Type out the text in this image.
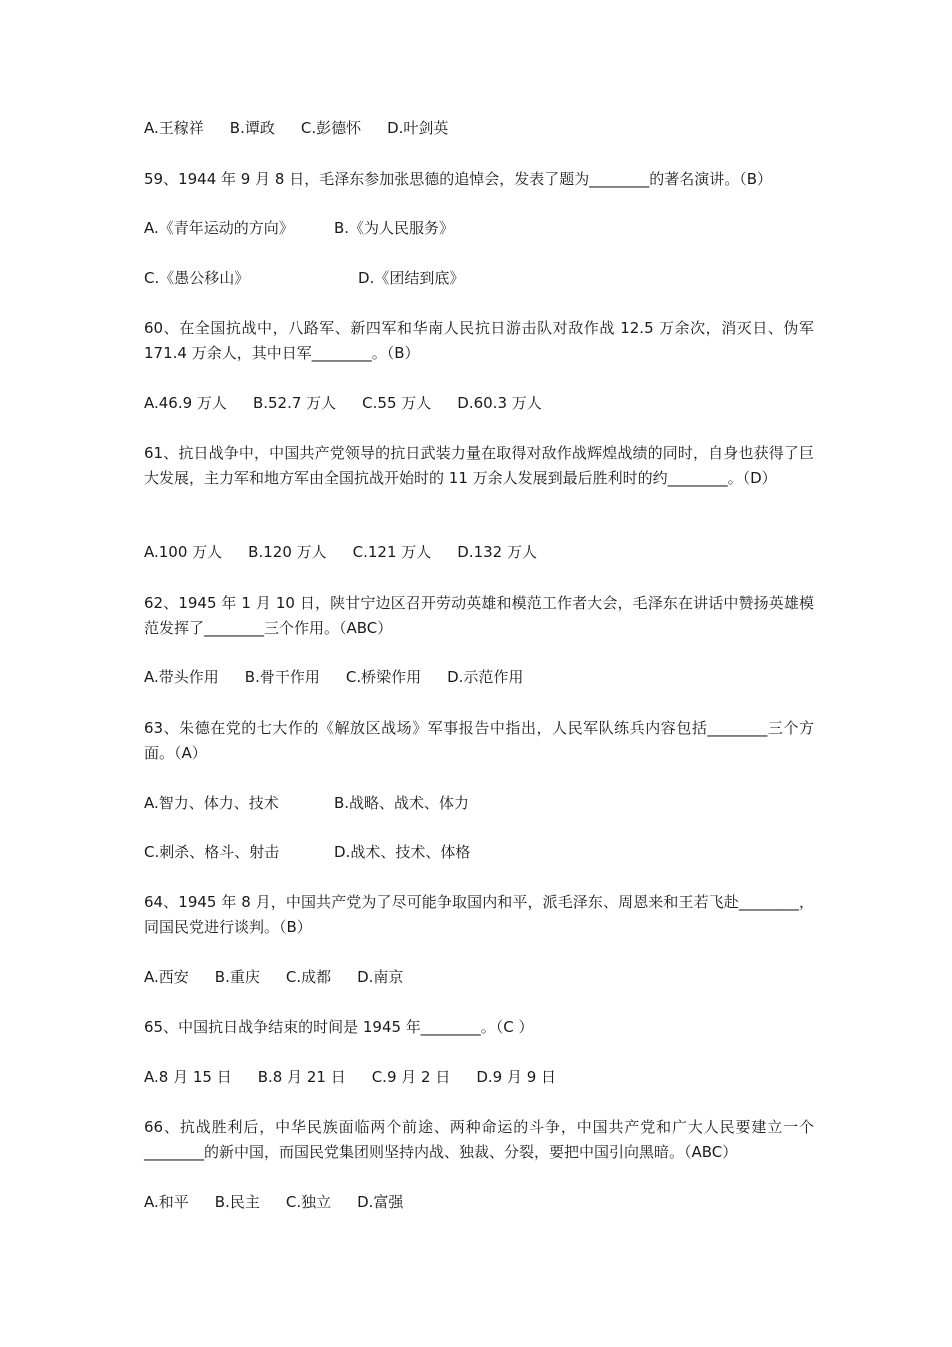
A.王稼祥 B.谭政 C.彭德怀 D.叶剑英
59、1944 年 9 月 8 日，毛泽东参加张思德的追悼会，发表了题为________的著名演讲。（B）
A.《青年运动的方向》	B.《为人民服务》
C.《愚公移山》	D.《团结到底》
60、在全国抗战中，八路军、新四军和华南人民抗日游击队对敌作战 12.5 万余次，消灭日、伪军 171.4 万余人，其中日军________。（B）
A.46.9 万人 B.52.7 万人 C.55 万人 D.60.3 万人
61、抗日战争中，中国共产党领导的抗日武装力量在取得对敌作战辉煌战绩的同时，自身也获得了巨大发展，主力军和地方军由全国抗战开始时的 11 万余人发展到最后胜利时的约________。（D）
A.100 万人 B.120 万人 C.121 万人 D.132 万人
62、1945 年 1 月 10 日，陕甘宁边区召开劳动英雄和模范工作者大会，毛泽东在讲话中赞扬英雄模范发挥了________三个作用。（ABC）
A.带头作用 B.骨干作用 C.桥梁作用 D.示范作用
63、朱德在党的七大作的《解放区战场》军事报告中指出，人民军队练兵内容包括________三个方面。（A）
A.智力、体力、技术	B.战略、战术、体力
C.刺杀、格斗、射击	D.战术、技术、体格
64、1945 年 8 月，中国共产党为了尽可能争取国内和平，派毛泽东、周恩来和王若飞赴________，同国民党进行谈判。（B）
A.西安 B.重庆 C.成都 D.南京
65、中国抗日战争结束的时间是 1945 年________。（C ）
A.8 月 15 日 B.8 月 21 日 C.9 月 2 日 D.9 月 9 日
66、抗战胜利后，中华民族面临两个前途、两种命运的斗争，中国共产党和广大人民要建立一个________的新中国，而国民党集团则坚持内战、独裁、分裂，要把中国引向黑暗。（ABC）
A.和平 B.民主 C.独立 D.富强
